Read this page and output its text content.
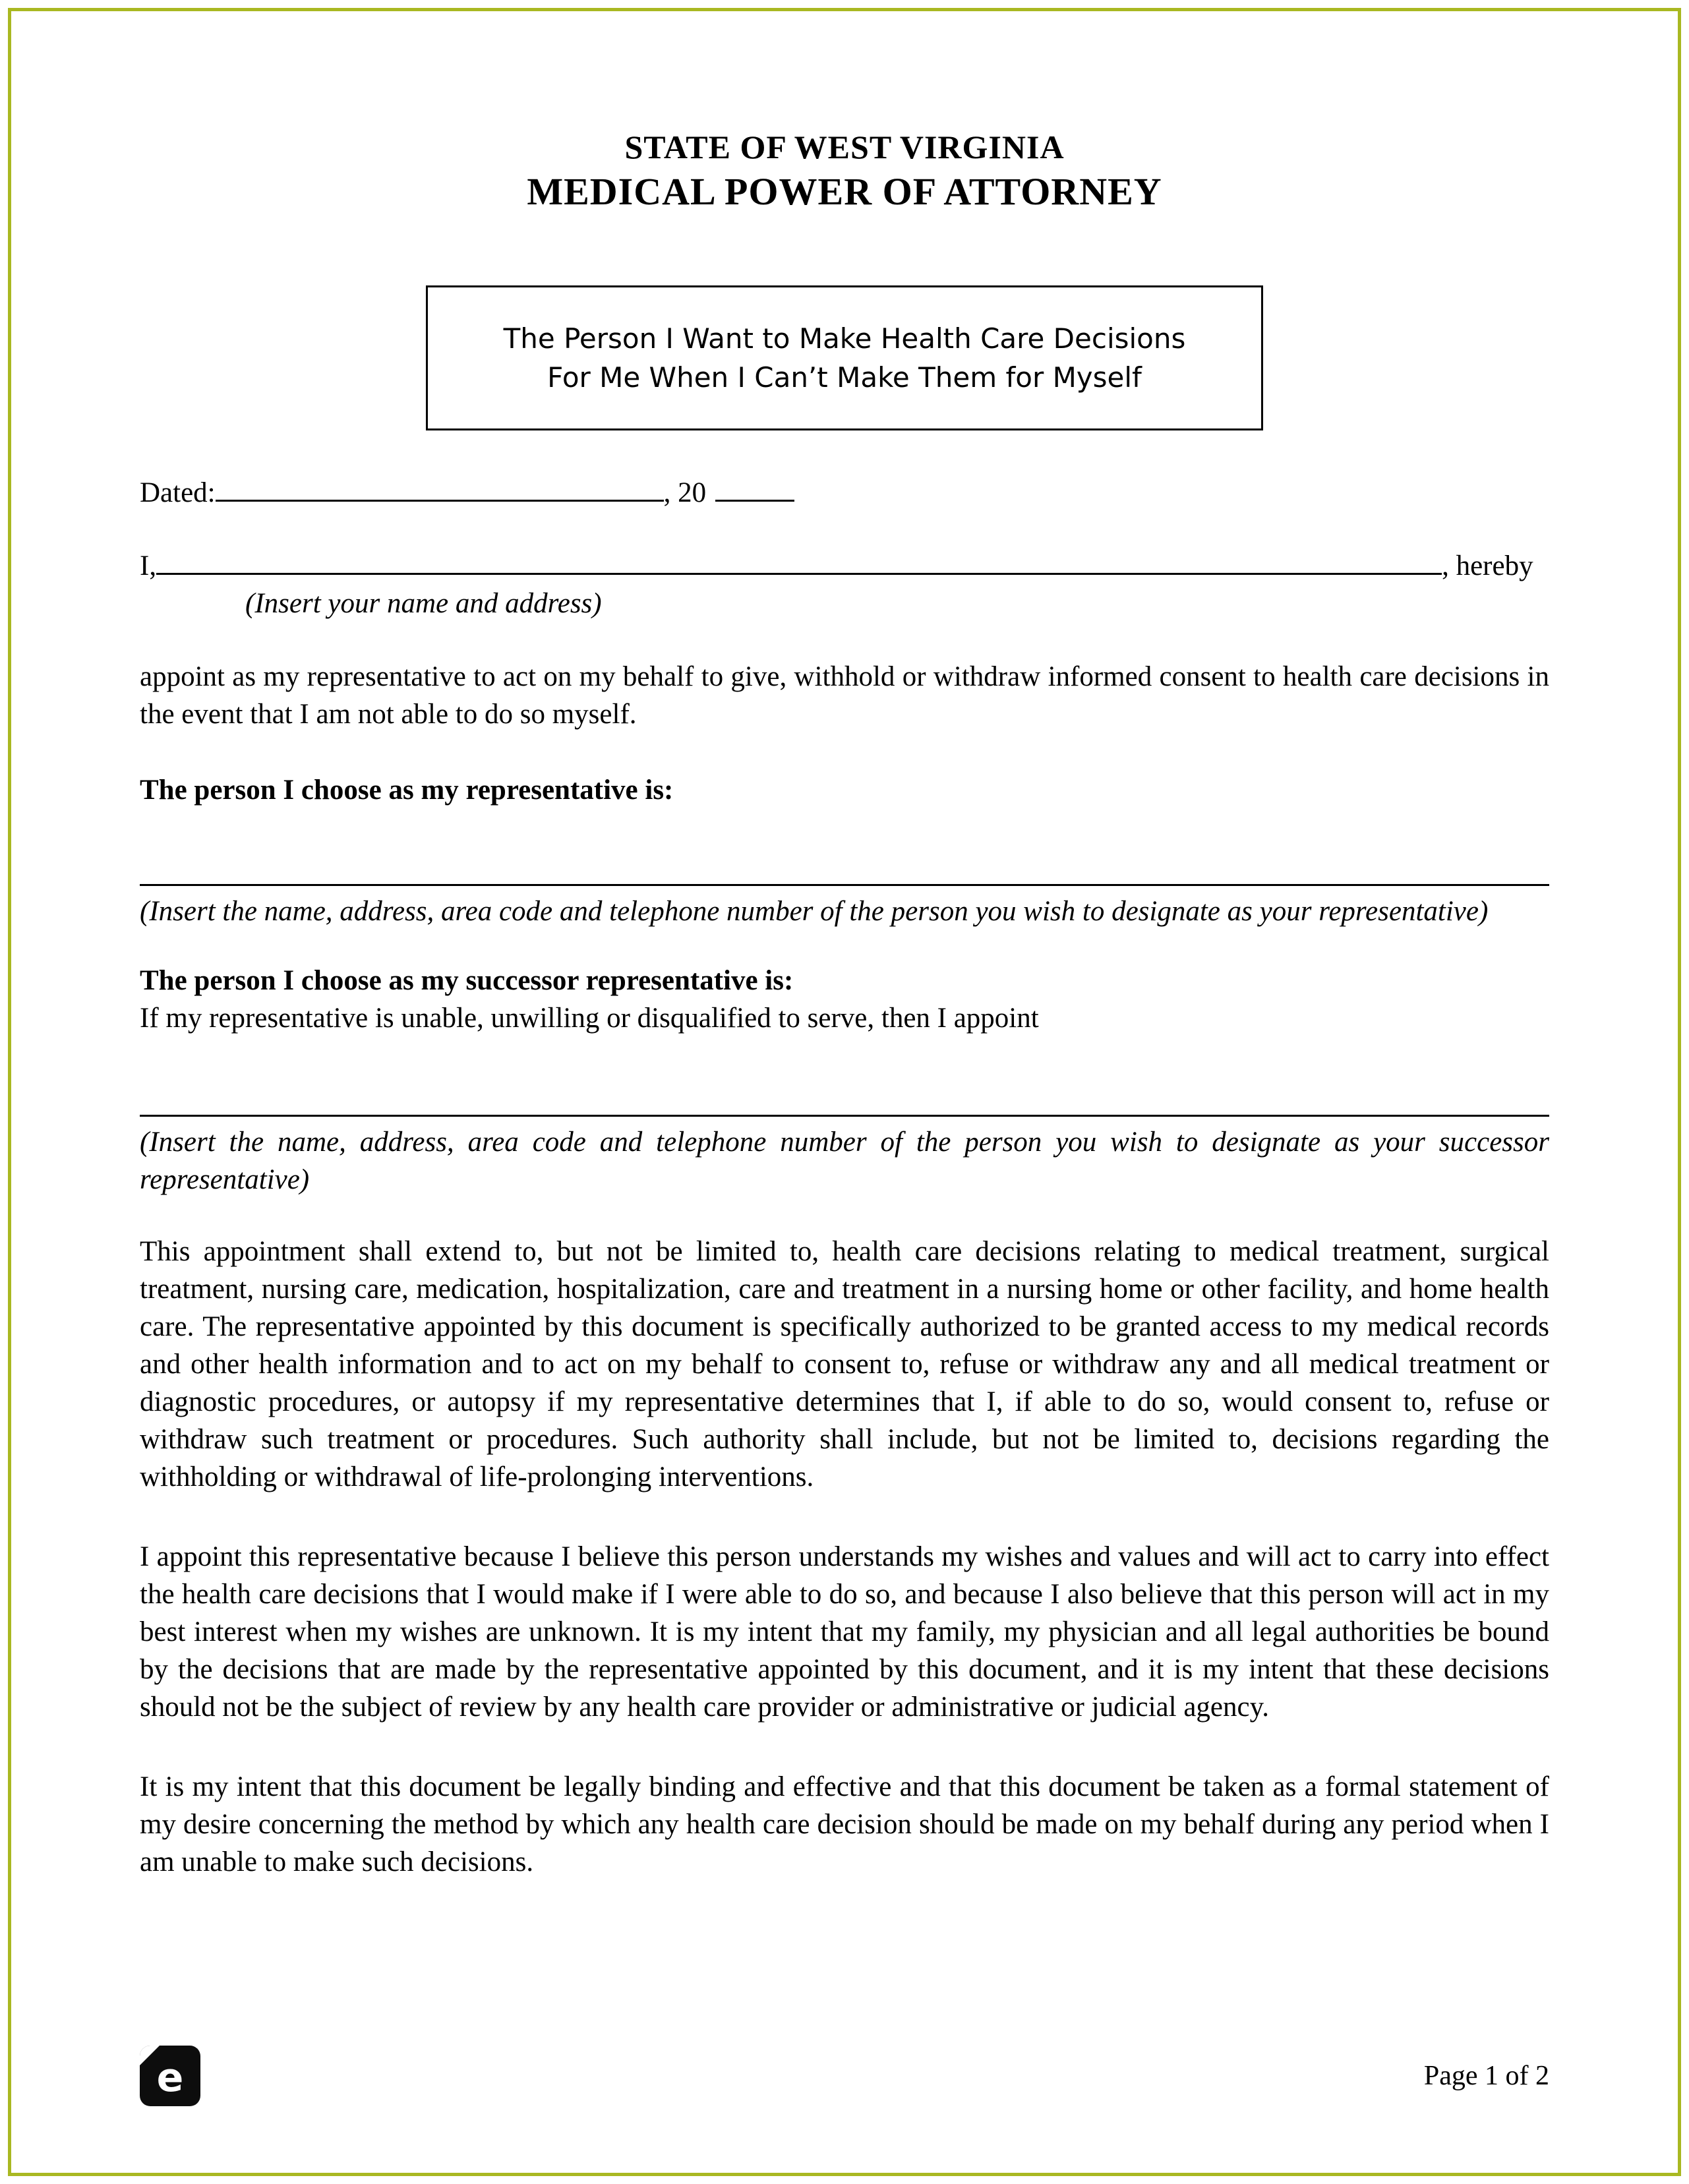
STATE OF WEST VIRGINIA
MEDICAL POWER OF ATTORNEY
The Person I Want to Make Health Care Decisions
For Me When I Can’t Make Them for Myself
Dated:	, 20
I,	, hereby
(Insert your name and address)

appoint as my representative to act on my behalf to give, withhold or withdraw informed consent to health care decisions in the event that I am not able to do so myself.

The person I choose as my representative is:
(Insert the name, address, area code and telephone number of the person you wish to designate as your representative)
The person I choose as my successor representative is:
If my representative is unable, unwilling or disqualified to serve, then I appoint
(Insert the name, address, area code and telephone number of the person you wish to designate as your successor representative)

This appointment shall extend to, but not be limited to, health care decisions relating to medical treatment, surgical treatment, nursing care, medication, hospitalization, care and treatment in a nursing home or other facility, and home health care. The representative appointed by this document is specifically authorized to be granted access to my medical records and other health information and to act on my behalf to consent to, refuse or withdraw any and all medical treatment or diagnostic procedures, or autopsy if my representative determines that I, if able to do so, would consent to, refuse or withdraw such treatment or procedures. Such authority shall include, but not be limited to, decisions regarding the withholding or withdrawal of life-prolonging interventions.

I appoint this representative because I believe this person understands my wishes and values and will act to carry into effect the health care decisions that I would make if I were able to do so, and because I also believe that this person will act in my best interest when my wishes are unknown. It is my intent that my family, my physician and all legal authorities be bound by the decisions that are made by the representative appointed by this document, and it is my intent that these decisions should not be the subject of review by any health care provider or administrative or judicial agency.

It is my intent that this document be legally binding and effective and that this document be taken as a formal statement of my desire concerning the method by which any health care decision should be made on my behalf during any period when I am unable to make such decisions.

e	Page 1 of 2
